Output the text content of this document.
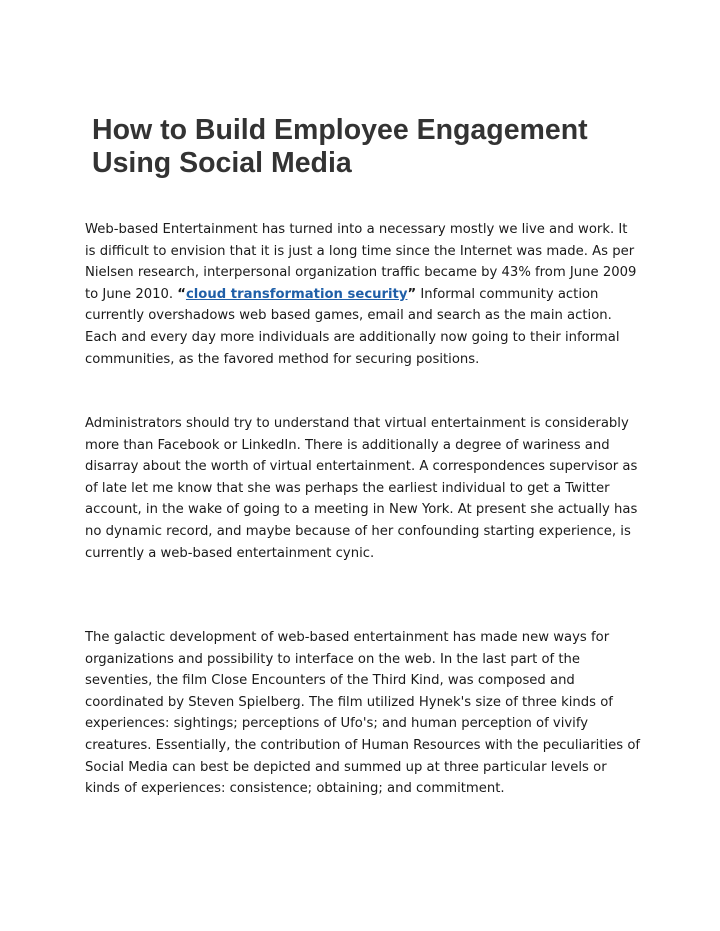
How to Build Employee Engagement Using Social Media

Web-based Entertainment has turned into a necessary mostly we live and work. It is difficult to envision that it is just a long time since the Internet was made. As per Nielsen research, interpersonal organization traffic became by 43% from June 2009 to June 2010. “cloud transformation security” Informal community action currently overshadows web based games, email and search as the main action. Each and every day more individuals are additionally now going to their informal communities, as the favored method for securing positions.

Administrators should try to understand that virtual entertainment is considerably more than Facebook or LinkedIn. There is additionally a degree of wariness and disarray about the worth of virtual entertainment. A correspondences supervisor as of late let me know that she was perhaps the earliest individual to get a Twitter account, in the wake of going to a meeting in New York. At present she actually has no dynamic record, and maybe because of her confounding starting experience, is currently a web-based entertainment cynic.

The galactic development of web-based entertainment has made new ways for organizations and possibility to interface on the web. In the last part of the seventies, the film Close Encounters of the Third Kind, was composed and coordinated by Steven Spielberg. The film utilized Hynek's size of three kinds of experiences: sightings; perceptions of Ufo's; and human perception of vivify creatures. Essentially, the contribution of Human Resources with the peculiarities of Social Media can best be depicted and summed up at three particular levels or kinds of experiences: consistence; obtaining; and commitment.
